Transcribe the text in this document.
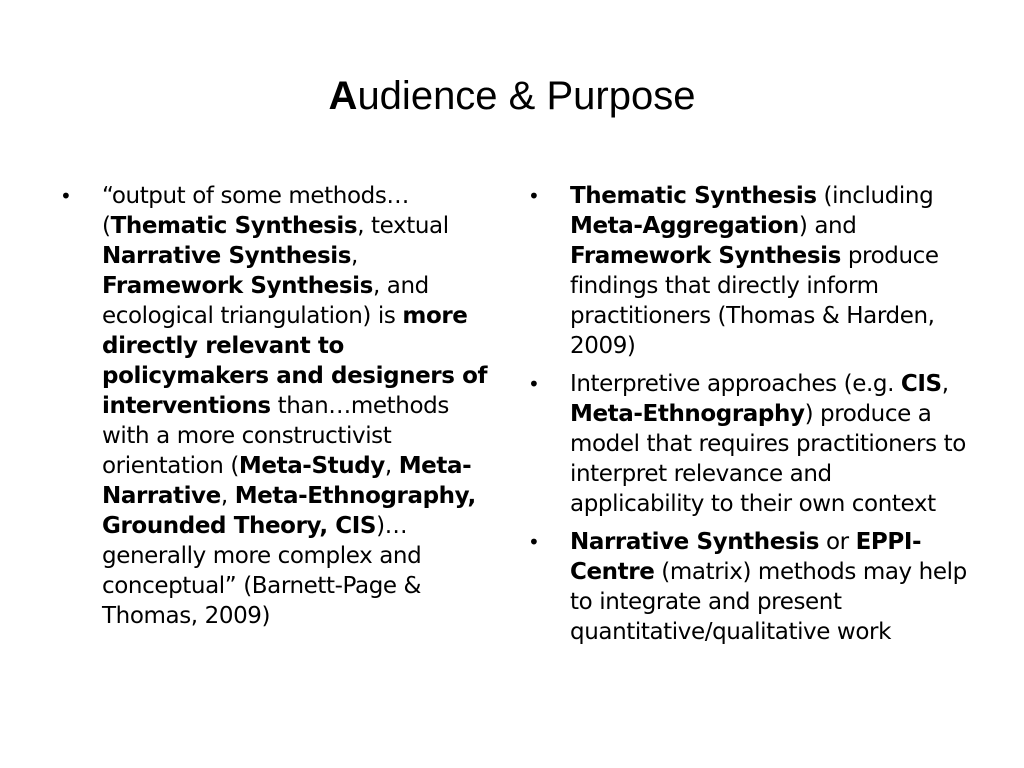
Audience & Purpose
•	“output of some methods… (Thematic Synthesis, textual Narrative Synthesis, Framework Synthesis, and ecological triangulation) is more directly relevant to policymakers and designers of interventions than…methods with a more constructivist orientation (Meta-Study, Meta-Narrative, Meta-Ethnography, Grounded Theory, CIS)…generally more complex and conceptual” (Barnett-Page & Thomas, 2009)
•	Thematic Synthesis (including Meta-Aggregation) and Framework Synthesis produce findings that directly inform practitioners (Thomas & Harden, 2009)
•	Interpretive approaches (e.g. CIS, Meta-Ethnography) produce a model that requires practitioners to interpret relevance and applicability to their own context
•	Narrative Synthesis or EPPI-Centre (matrix) methods may help to integrate and present quantitative/qualitative work
